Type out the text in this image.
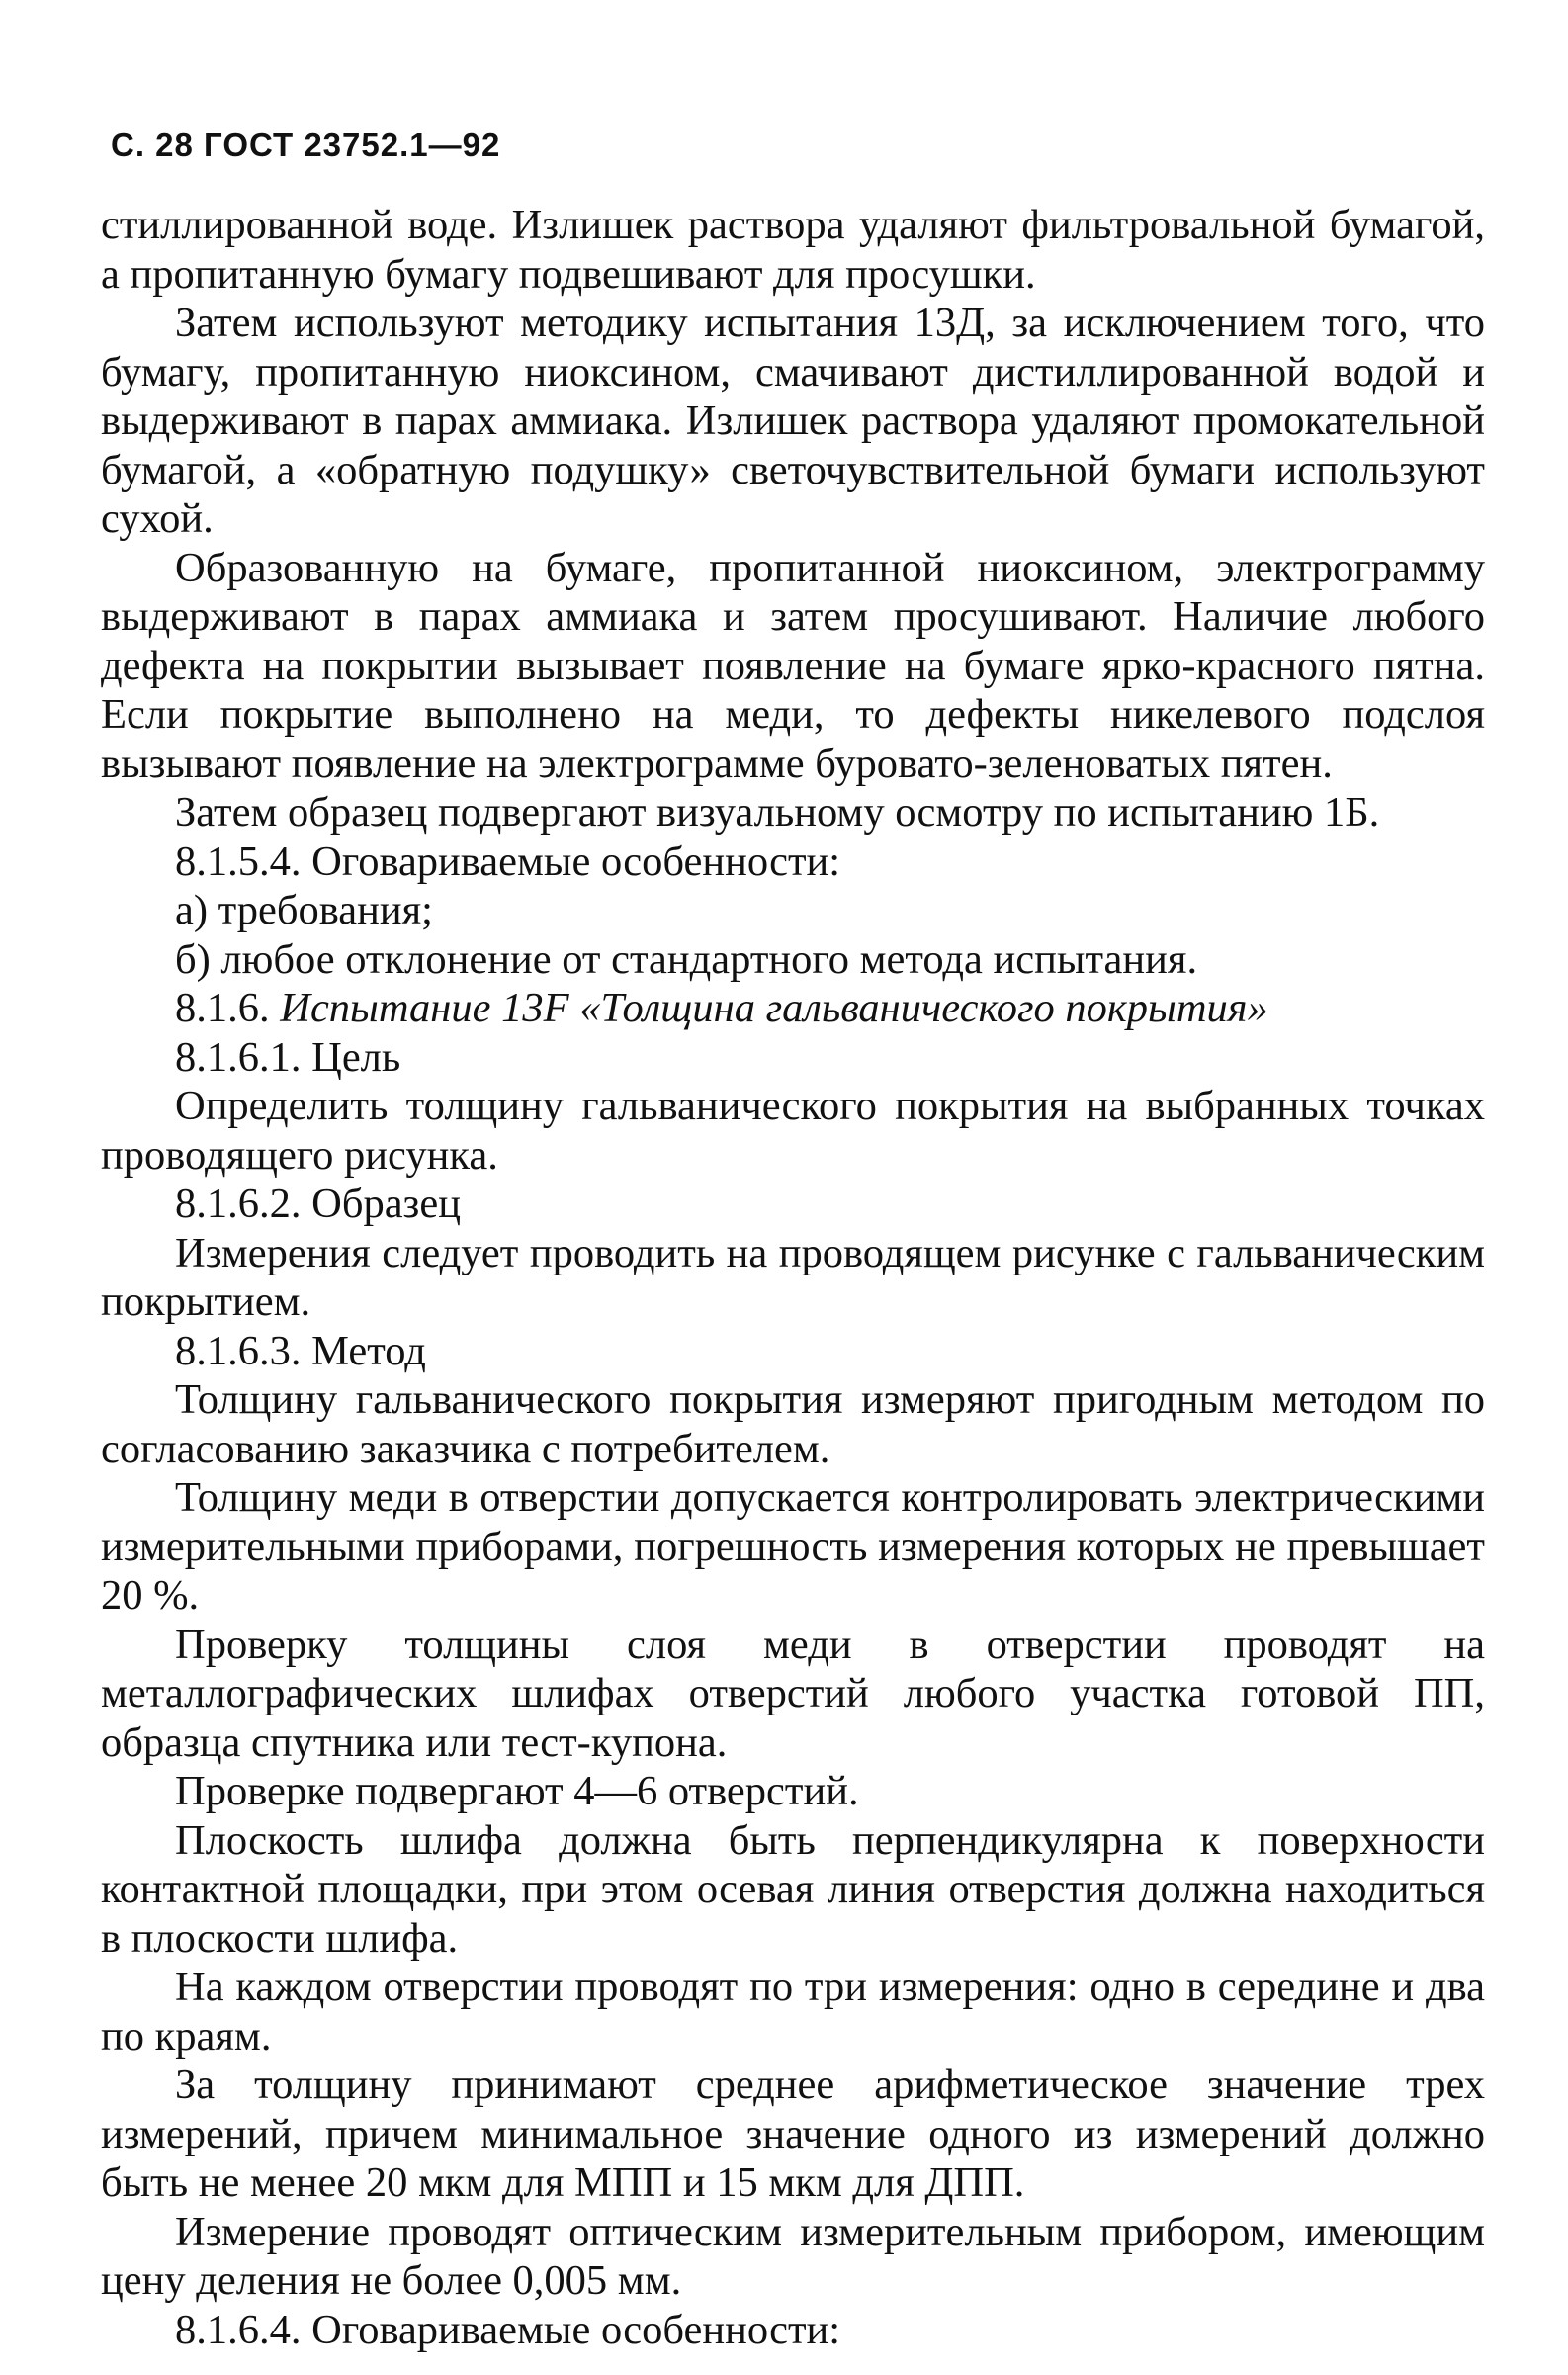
С. 28 ГОСТ 23752.1—92

стиллированной воде. Излишек раствора удаляют фильтровальной бумагой, а пропитанную бумагу подвешивают для просушки.

Затем используют методику испытания 13Д, за исключением того, что бумагу, пропитанную ниоксином, смачивают дистиллированной водой и выдерживают в парах аммиака. Излишек раствора удаляют промокательной бумагой, а «обратную подушку» светочувствительной бумаги используют сухой.

Образованную на бумаге, пропитанной ниоксином, электрограмму выдерживают в парах аммиака и затем просушивают. Наличие любого дефекта на покрытии вызывает появление на бумаге ярко-красного пятна. Если покрытие выполнено на меди, то дефекты никелевого подслоя вызывают появление на электрограмме буровато-зеленоватых пятен.

Затем образец подвергают визуальному осмотру по испытанию 1Б.

8.1.5.4. Оговариваемые особенности:

а) требования;

б) любое отклонение от стандартного метода испытания.

8.1.6. Испытание 13F «Толщина гальванического покрытия»

8.1.6.1. Цель

Определить толщину гальванического покрытия на выбранных точках проводящего рисунка.

8.1.6.2. Образец

Измерения следует проводить на проводящем рисунке с гальваническим покрытием.

8.1.6.3. Метод

Толщину гальванического покрытия измеряют пригодным методом по согласованию заказчика с потребителем.

Толщину меди в отверстии допускается контролировать электрическими измерительными приборами, погрешность измерения которых не превышает 20 %.

Проверку толщины слоя меди в отверстии проводят на металлографических шлифах отверстий любого участка готовой ПП, образца спутника или тест-купона.

Проверке подвергают 4—6 отверстий.

Плоскость шлифа должна быть перпендикулярна к поверхности контактной площадки, при этом осевая линия отверстия должна находиться в плоскости шлифа.

На каждом отверстии проводят по три измерения: одно в середине и два по краям.

За толщину принимают среднее арифметическое значение трех измерений, причем минимальное значение одного из измерений должно быть не менее 20 мкм для МПП и 15 мкм для ДПП.

Измерение проводят оптическим измерительным прибором, имеющим цену деления не более 0,005 мм.

8.1.6.4. Оговариваемые особенности:
